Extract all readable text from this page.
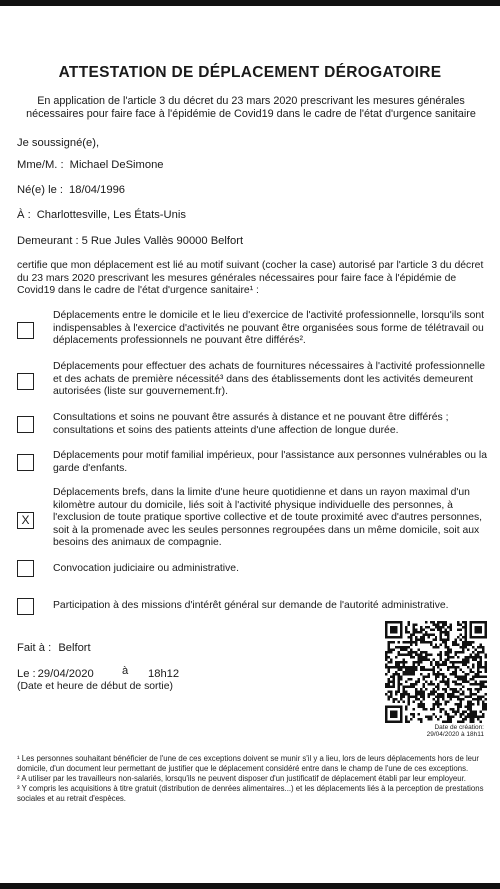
ATTESTATION DE DÉPLACEMENT DÉROGATOIRE
En application de l'article 3 du décret du 23 mars 2020 prescrivant les mesures générales nécessaires pour faire face à l'épidémie de Covid19 dans le cadre de l'état d'urgence sanitaire
Je soussigné(e),
Mme/M. : Michael DeSimone
Né(e) le : 18/04/1996
À : Charlottesville, Les États-Unis
Demeurant : 5 Rue Jules Vallès 90000 Belfort
certifie que mon déplacement est lié au motif suivant (cocher la case) autorisé par l'article 3 du décret du 23 mars 2020 prescrivant les mesures générales nécessaires pour faire face à l'épidémie de Covid19 dans le cadre de l'état d'urgence sanitaire¹ :
Déplacements entre le domicile et le lieu d'exercice de l'activité professionnelle, lorsqu'ils sont indispensables à l'exercice d'activités ne pouvant être organisées sous forme de télétravail ou déplacements professionnels ne pouvant être différés².
Déplacements pour effectuer des achats de fournitures nécessaires à l'activité professionnelle et des achats de première nécessité³ dans des établissements dont les activités demeurent autorisées (liste sur gouvernement.fr).
Consultations et soins ne pouvant être assurés à distance et ne pouvant être différés ; consultations et soins des patients atteints d'une affection de longue durée.
Déplacements pour motif familial impérieux, pour l'assistance aux personnes vulnérables ou la garde d'enfants.
X
Déplacements brefs, dans la limite d'une heure quotidienne et dans un rayon maximal d'un kilomètre autour du domicile, liés soit à l'activité physique individuelle des personnes, à l'exclusion de toute pratique sportive collective et de toute proximité avec d'autres personnes, soit à la promenade avec les seules personnes regroupées dans un même domicile, soit aux besoins des animaux de compagnie.
Convocation judiciaire ou administrative.
Participation à des missions d'intérêt général sur demande de l'autorité administrative.
Fait à : Belfort
Le : 29/04/2020	à 18h12
(Date et heure de début de sortie)
Date de création:
29/04/2020 à 18h11

¹ Les personnes souhaitant bénéficier de l'une de ces exceptions doivent se munir s'il y a lieu, lors de leurs déplacements hors de leur domicile, d'un document leur permettant de justifier que le déplacement considéré entre dans le champ de l'une de ces exceptions.

² A utiliser par les travailleurs non-salariés, lorsqu'ils ne peuvent disposer d'un justificatif de déplacement établi par leur employeur.

³ Y compris les acquisitions à titre gratuit (distribution de denrées alimentaires...) et les déplacements liés à la perception de prestations sociales et au retrait d'espèces.
